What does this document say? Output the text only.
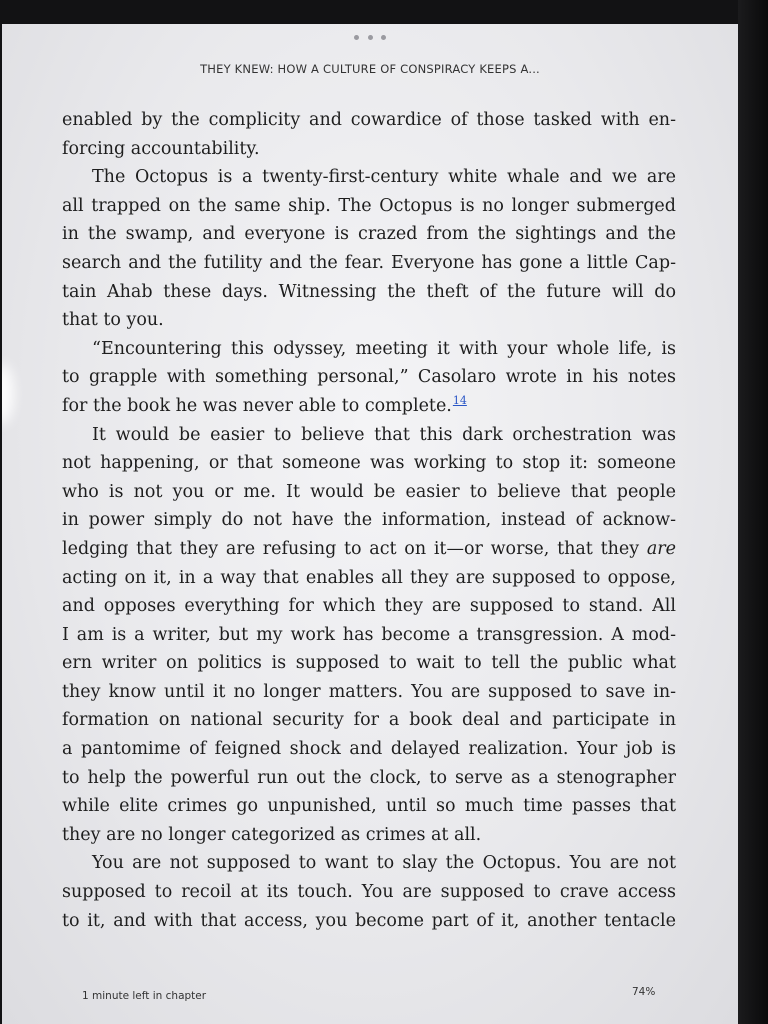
THEY KNEW: HOW A CULTURE OF CONSPIRACY KEEPS A...
enabled by the complicity and cowardice of those tasked with en-
forcing accountability.
The Octopus is a twenty-first-century white whale and we are
all trapped on the same ship. The Octopus is no longer submerged
in the swamp, and everyone is crazed from the sightings and the
search and the futility and the fear. Everyone has gone a little Cap-
tain Ahab these days. Witnessing the theft of the future will do
that to you.
“Encountering this odyssey, meeting it with your whole life, is
to grapple with something personal,” Casolaro wrote in his notes
for the book he was never able to complete.$^{14}$
It would be easier to believe that this dark orchestration was
not happening, or that someone was working to stop it: someone
who is not you or me. It would be easier to believe that people
in power simply do not have the information, instead of acknow-
ledging that they are refusing to act on it—or worse, that they are
acting on it, in a way that enables all they are supposed to oppose,
and opposes everything for which they are supposed to stand. All
I am is a writer, but my work has become a transgression. A mod-
ern writer on politics is supposed to wait to tell the public what
they know until it no longer matters. You are supposed to save in-
formation on national security for a book deal and participate in
a pantomime of feigned shock and delayed realization. Your job is
to help the powerful run out the clock, to serve as a stenographer
while elite crimes go unpunished, until so much time passes that
they are no longer categorized as crimes at all.
You are not supposed to want to slay the Octopus. You are not
supposed to recoil at its touch. You are supposed to crave access
to it, and with that access, you become part of it, another tentacle
1 minute left in chapter	74%
